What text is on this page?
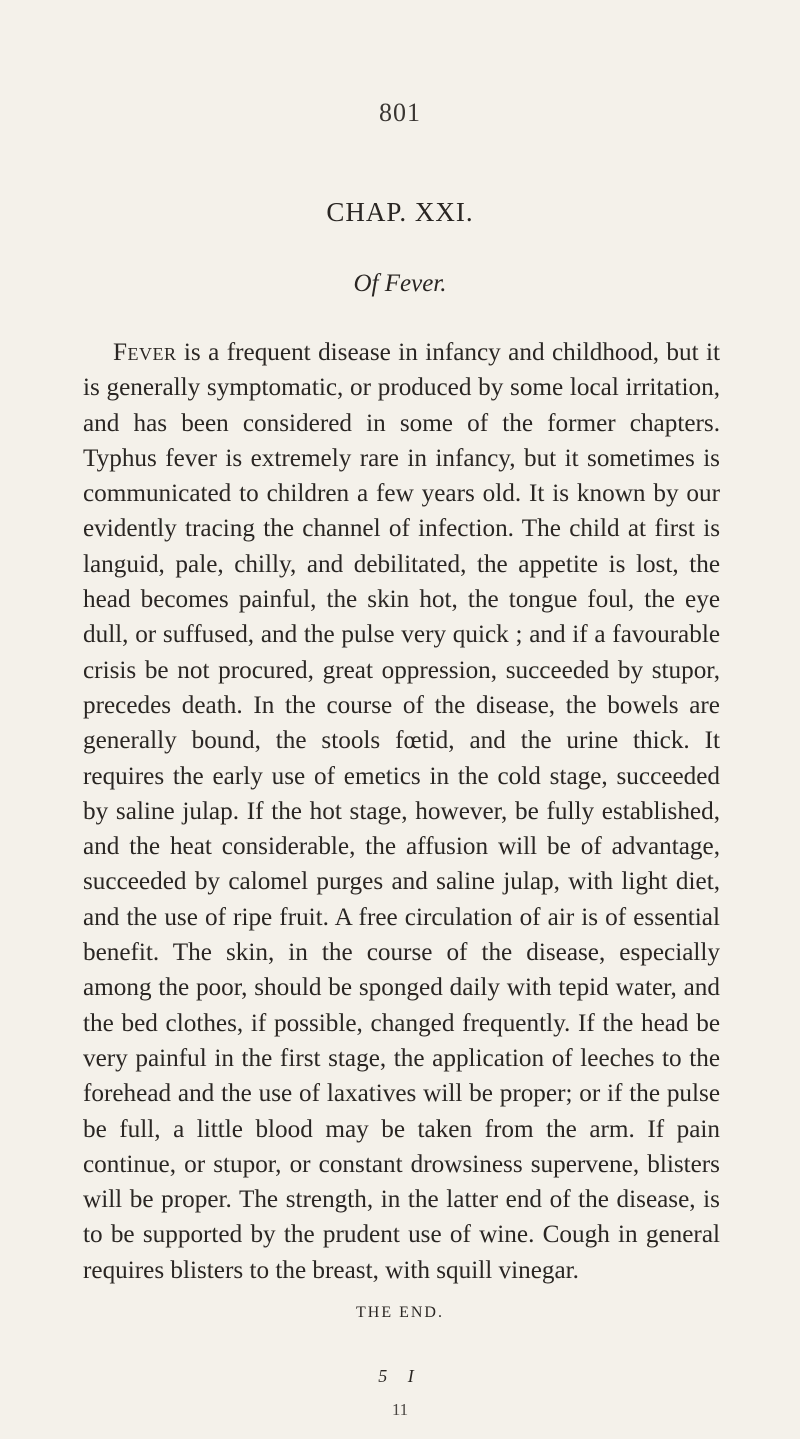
801
CHAP. XXI.
Of Fever.

Fever is a frequent disease in infancy and childhood, but it is generally symptomatic, or produced by some local irritation, and has been considered in some of the former chapters. Typhus fever is extremely rare in infancy, but it sometimes is communicated to children a few years old. It is known by our evidently tracing the channel of infection. The child at first is languid, pale, chilly, and debilitated, the appetite is lost, the head becomes painful, the skin hot, the tongue foul, the eye dull, or suffused, and the pulse very quick ; and if a favourable crisis be not procured, great oppression, succeeded by stupor, precedes death. In the course of the disease, the bowels are generally bound, the stools fœtid, and the urine thick. It requires the early use of emetics in the cold stage, succeeded by saline julap. If the hot stage, however, be fully established, and the heat considerable, the affusion will be of advantage, succeeded by calomel purges and saline julap, with light diet, and the use of ripe fruit. A free circulation of air is of essential benefit. The skin, in the course of the disease, especially among the poor, should be sponged daily with tepid water, and the bed clothes, if possible, changed frequently. If the head be very painful in the first stage, the application of leeches to the forehead and the use of laxatives will be proper; or if the pulse be full, a little blood may be taken from the arm. If pain continue, or stupor, or constant drowsiness supervene, blisters will be proper. The strength, in the latter end of the disease, is to be supported by the prudent use of wine. Cough in general requires blisters to the breast, with squill vinegar.

THE END.
5 I
11
